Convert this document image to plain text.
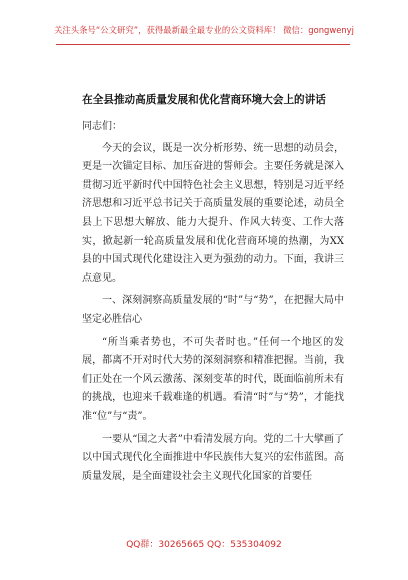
关注头条号“公文研究”，获得最新最全最专业的公文资料库！ 微信：gongwenyj
在全县推动高质量发展和优化营商环境大会上的讲话

同志们：

今天的会议，既是一次分析形势、统一思想的动员会，更是一次锚定目标、加压奋进的誓师会。主要任务就是深入贯彻习近平新时代中国特色社会主义思想，特别是习近平经济思想和习近平总书记关于高质量发展的重要论述，动员全县上下思想大解放、能力大提升、作风大转变、工作大落实，掀起新一轮高质量发展和优化营商环境的热潮，为XX县的中国式现代化建设注入更为强劲的动力。下面，我讲三点意见。

一、深刻洞察高质量发展的“时”与“势”，在把握大局中坚定必胜信心

“所当乘者势也，不可失者时也。”任何一个地区的发展，都离不开对时代大势的深刻洞察和精准把握。当前，我们正处在一个风云激荡、深刻变革的时代，既面临前所未有的挑战，也迎来千载难逢的机遇。看清“时”与“势”，才能找准“位”与“责”。

一要从“国之大者”中看清发展方向。党的二十大擘画了以中国式现代化全面推进中华民族伟大复兴的宏伟蓝图。高质量发展，是全面建设社会主义现代化国家的首要任

QQ群：30265665 QQ：535304092
